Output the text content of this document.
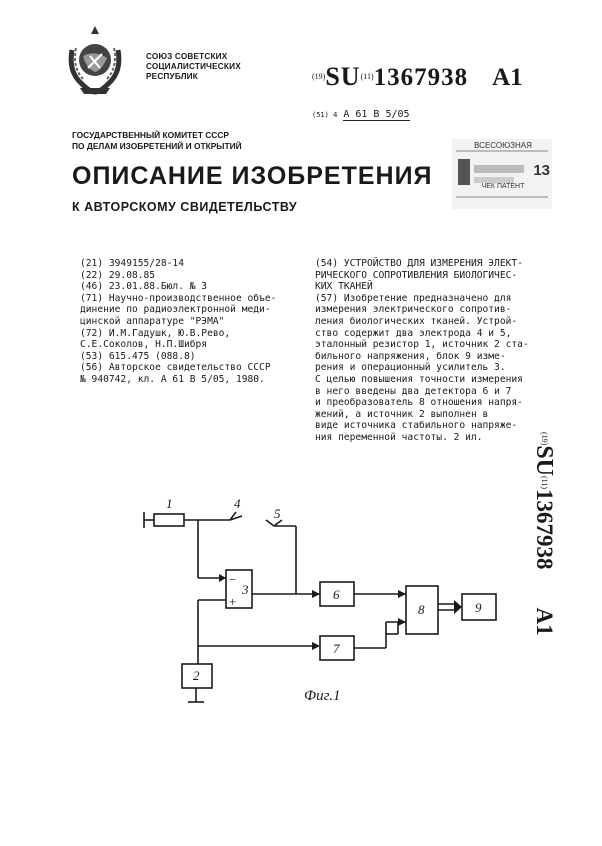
СОЮЗ СОВЕТСКИХ
СОЦИАЛИСТИЧЕСКИХ
РЕСПУБЛИК	$^{(19)}$SU$^{(11)}$1367938 A1
(51) 4 A 61 B 5/05
ГОСУДАРСТВЕННЫЙ КОМИТЕТ СССР
ПО ДЕЛАМ ИЗОБРЕТЕНИЙ И ОТКРЫТИЙ	ВСЕСОЮЗНАЯ
13
ЧЕК ПАТЕНТ
ОПИСАНИЕ ИЗОБРЕТЕНИЯ
К АВТОРСКОМУ СВИДЕТЕЛЬСТВУ
(21) 3949155/28-14
(22) 29.08.85
(46) 23.01.88.Бюл. № 3
(71) Научно-производственное объе-
динение по радиоэлектронной меди-
цинской аппаратуре "РЭМА"
(72) И.М.Гадушк, Ю.В.Рево,
С.Е.Соколов, Н.П.Шибря
(53) 615.475 (088.8)
(56) Авторское свидетельство СССР
№ 940742, кл. А 61 В 5/05, 1980.
(54) УСТРОЙСТВО ДЛЯ ИЗМЕРЕНИЯ ЭЛЕКТ-
РИЧЕСКОГО СОПРОТИВЛЕНИЯ БИОЛОГИЧЕС-
КИХ ТКАНЕЙ
(57) Изобретение предназначено для
измерения электрического сопротив-
ления биологических тканей. Устрой-
ство содержит два электрода 4 и 5,
эталонный резистор 1, источник 2 ста-
бильного напряжения, блок 9 изме-
рения и операционный усилитель 3.
С целью повышения точности измерения
в него введены два детектора 6 и 7
и преобразователь 8 отношения напря-
жений, а источник 2 выполнен в
виде источника стабильного напряже-
ния переменной частоты. 2 ил.	$^{(19)}$SU$^{(11)}$1367938A1
1	4
5
3
−
+	6
7
8	9
2
Фиг.1
